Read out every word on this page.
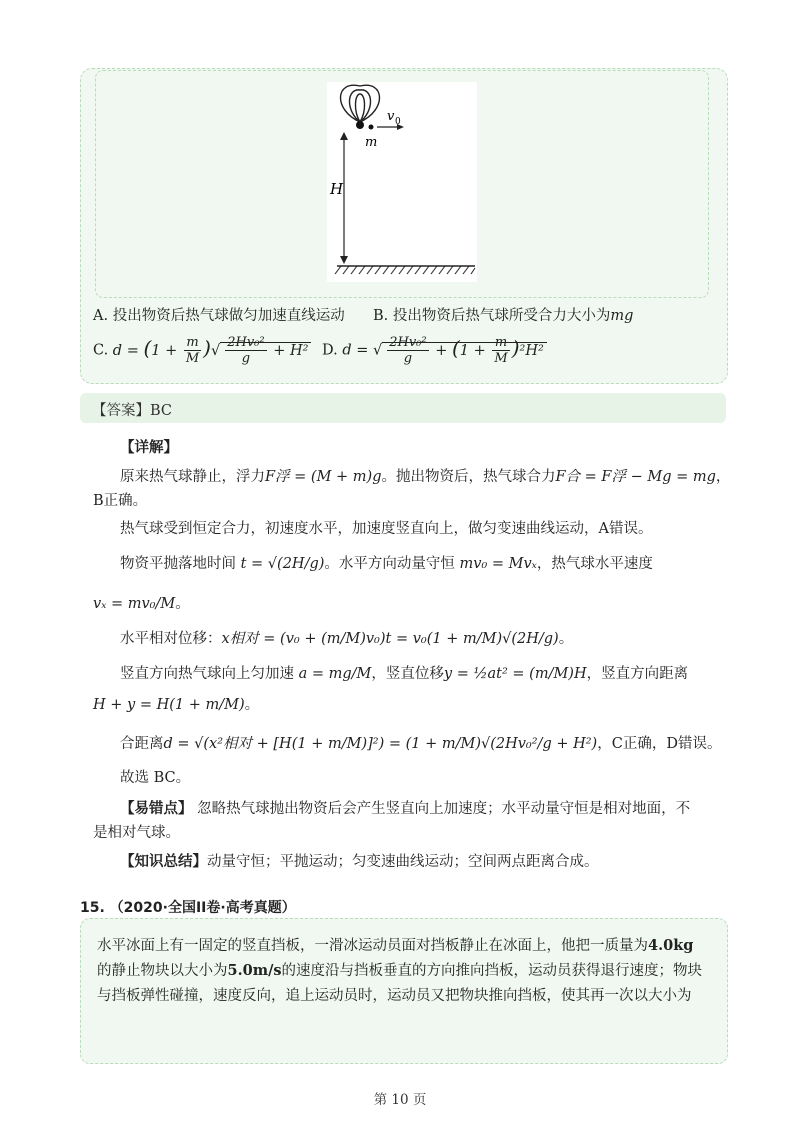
v 0
m
H
A. 投出物资后热气球做匀加速直线运动 B. 投出物资后热气球所受合力大小为mg
C. $d = (1 + \frac{m}{M}$ )√ $\frac{\text{2Hv₀²}}{g} + H^2$ D. d = √ $\frac{\text{2Hv₀²}}{g} + (1 + \frac{m}{M} )^2H^2$
【答案】BC
【详解】
原来热气球静止，浮力F浮 = (M + m)g。抛出物资后，热气球合力F合 = F浮 − Mg = mg，
B正确。
热气球受到恒定合力，初速度水平，加速度竖直向上，做匀变速曲线运动，A错误。
物资平抛落地时间 t = √(2H/g)。水平方向动量守恒 mv₀ = Mvₓ，热气球水平速度
vₓ = mv₀/M。
水平相对位移：x相对 = (v₀ + (m/M)v₀)t = v₀(1 + m/M)√(2H/g)。
竖直方向热气球向上匀加速 a = mg/M，竖直位移y = ½at² = (m/M)H，竖直方向距离
H + y = H(1 + m/M)。
合距离d = √(x²相对 + [H(1 + m/M)]²) = (1 + m/M)√(2Hv₀²/g + H²)，C正确，D错误。
故选 BC。
【易错点】 忽略热气球抛出物资后会产生竖直向上加速度；水平动量守恒是相对地面，不
是相对气球。
【知识总结】动量守恒；平抛运动；匀变速曲线运动；空间两点距离合成。
15. （2020·全国II卷·高考真题）
水平冰面上有一固定的竖直挡板，一滑冰运动员面对挡板静止在冰面上，他把一质量为4.0kg
的静止物块以大小为5.0m/s的速度沿与挡板垂直的方向推向挡板，运动员获得退行速度；物块
与挡板弹性碰撞，速度反向，追上运动员时，运动员又把物块推向挡板，使其再一次以大小为
第 10 页
